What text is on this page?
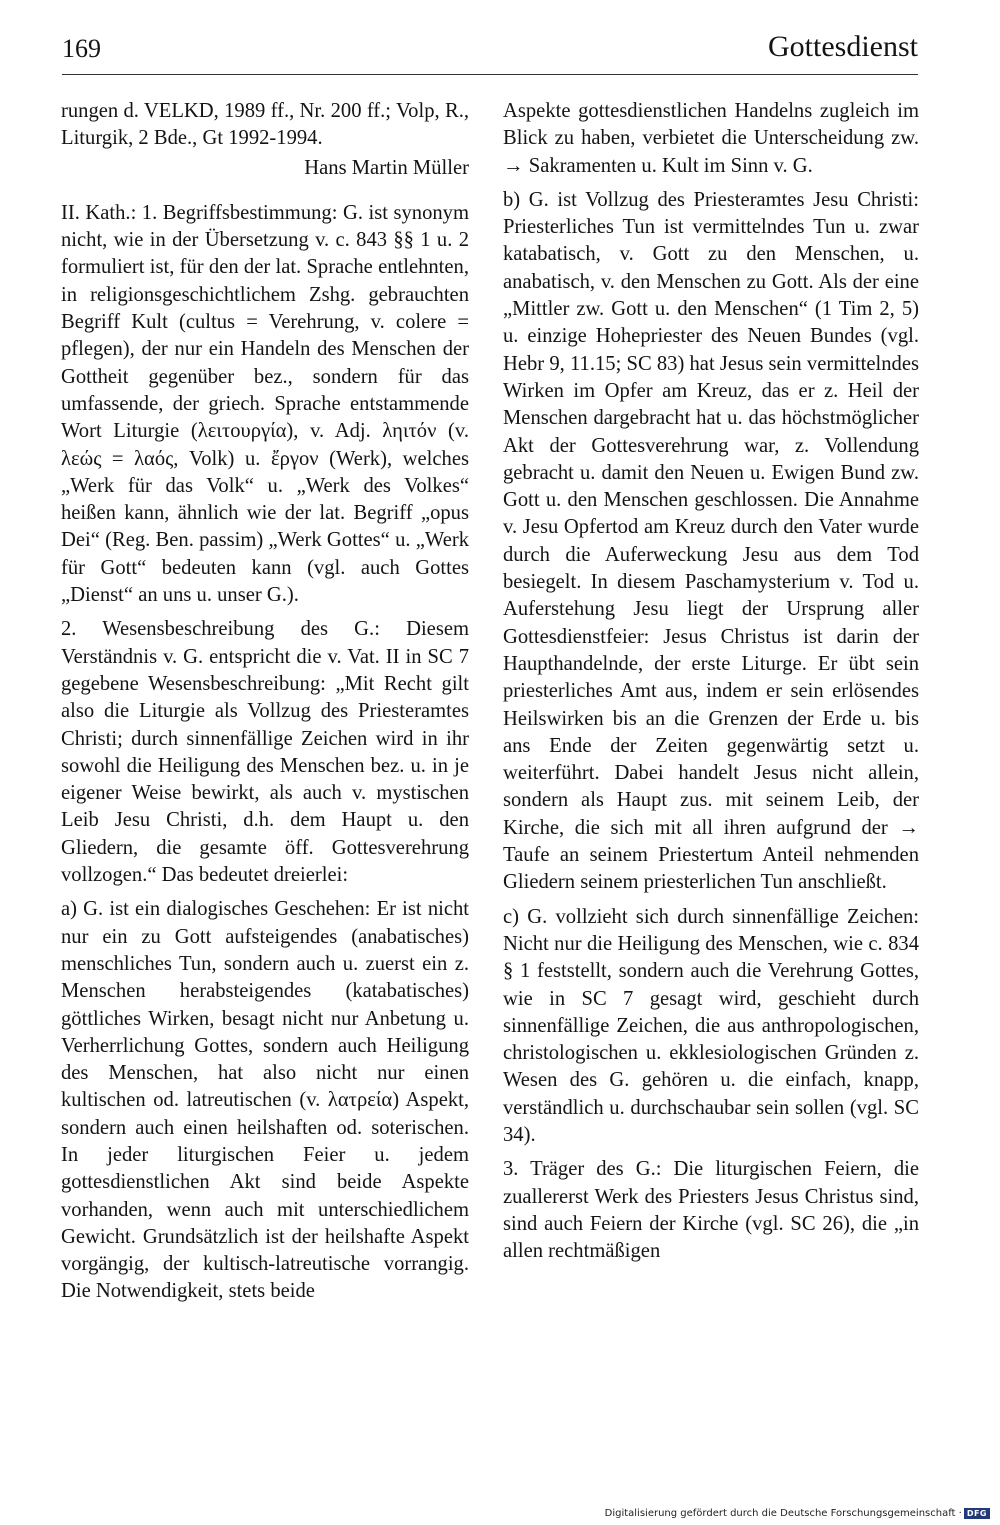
169	Gottesdienst

rungen d. VELKD, 1989 ff., Nr. 200 ff.; Volp, R., Liturgik, 2 Bde., Gt 1992-1994.

Hans Martin Müller

II. Kath.: 1. Begriffsbestimmung: G. ist synonym nicht, wie in der Übersetzung v. c. 843 §§ 1 u. 2 formuliert ist, für den der lat. Sprache entlehnten, in religionsgeschichtlichem Zshg. gebrauchten Begriff Kult (cultus = Verehrung, v. colere = pflegen), der nur ein Handeln des Menschen der Gottheit gegenüber bez., sondern für das umfassende, der griech. Sprache entstammende Wort Liturgie (λειτουργία), v. Adj. ληιτόν (v. λεώς = λαός, Volk) u. ἔργον (Werk), welches „Werk für das Volk“ u. „Werk des Volkes“ heißen kann, ähnlich wie der lat. Begriff „opus Dei“ (Reg. Ben. passim) „Werk Gottes“ u. „Werk für Gott“ bedeuten kann (vgl. auch Gottes „Dienst“ an uns u. unser G.).

2. Wesensbeschreibung des G.: Diesem Verständnis v. G. entspricht die v. Vat. II in SC 7 gegebene Wesensbeschreibung: „Mit Recht gilt also die Liturgie als Vollzug des Priesteramtes Christi; durch sinnenfällige Zeichen wird in ihr sowohl die Heiligung des Menschen bez. u. in je eigener Weise bewirkt, als auch v. mystischen Leib Jesu Christi, d.h. dem Haupt u. den Gliedern, die gesamte öff. Gottesverehrung vollzogen.“ Das bedeutet dreierlei:

a) G. ist ein dialogisches Geschehen: Er ist nicht nur ein zu Gott aufsteigendes (anabatisches) menschliches Tun, sondern auch u. zuerst ein z. Menschen herabsteigendes (katabatisches) göttliches Wirken, besagt nicht nur Anbetung u. Verherrlichung Gottes, sondern auch Heiligung des Menschen, hat also nicht nur einen kultischen od. latreutischen (v. λατρεία) Aspekt, sondern auch einen heilshaften od. soterischen. In jeder liturgischen Feier u. jedem gottesdienstlichen Akt sind beide Aspekte vorhanden, wenn auch mit unterschiedlichem Gewicht. Grundsätzlich ist der heilshafte Aspekt vorgängig, der kultisch-latreutische vorrangig. Die Notwendigkeit, stets beide

Aspekte gottesdienstlichen Handelns zugleich im Blick zu haben, verbietet die Unterscheidung zw. → Sakramenten u. Kult im Sinn v. G.

b) G. ist Vollzug des Priesteramtes Jesu Christi: Priesterliches Tun ist vermittelndes Tun u. zwar katabatisch, v. Gott zu den Menschen, u. anabatisch, v. den Menschen zu Gott. Als der eine „Mittler zw. Gott u. den Menschen“ (1 Tim 2, 5) u. einzige Hohepriester des Neuen Bundes (vgl. Hebr 9, 11.15; SC 83) hat Jesus sein vermittelndes Wirken im Opfer am Kreuz, das er z. Heil der Menschen dargebracht hat u. das höchstmöglicher Akt der Gottesverehrung war, z. Vollendung gebracht u. damit den Neuen u. Ewigen Bund zw. Gott u. den Menschen geschlossen. Die Annahme v. Jesu Opfertod am Kreuz durch den Vater wurde durch die Auferweckung Jesu aus dem Tod besiegelt. In diesem Paschamysterium v. Tod u. Auferstehung Jesu liegt der Ursprung aller Gottesdienstfeier: Jesus Christus ist darin der Haupthandelnde, der erste Liturge. Er übt sein priesterliches Amt aus, indem er sein erlösendes Heilswirken bis an die Grenzen der Erde u. bis ans Ende der Zeiten gegenwärtig setzt u. weiterführt. Dabei handelt Jesus nicht allein, sondern als Haupt zus. mit seinem Leib, der Kirche, die sich mit all ihren aufgrund der → Taufe an seinem Priestertum Anteil nehmenden Gliedern seinem priesterlichen Tun anschließt.

c) G. vollzieht sich durch sinnenfällige Zeichen: Nicht nur die Heiligung des Menschen, wie c. 834 § 1 feststellt, sondern auch die Verehrung Gottes, wie in SC 7 gesagt wird, geschieht durch sinnenfällige Zeichen, die aus anthropologischen, christologischen u. ekklesiologischen Gründen z. Wesen des G. gehören u. die einfach, knapp, verständlich u. durchschaubar sein sollen (vgl. SC 34).

3. Träger des G.: Die liturgischen Feiern, die zuallererst Werk des Priesters Jesus Christus sind, sind auch Feiern der Kirche (vgl. SC 26), die „in allen rechtmäßigen

Digitalisierung gefördert durch die Deutsche Forschungsgemeinschaft · DFG
